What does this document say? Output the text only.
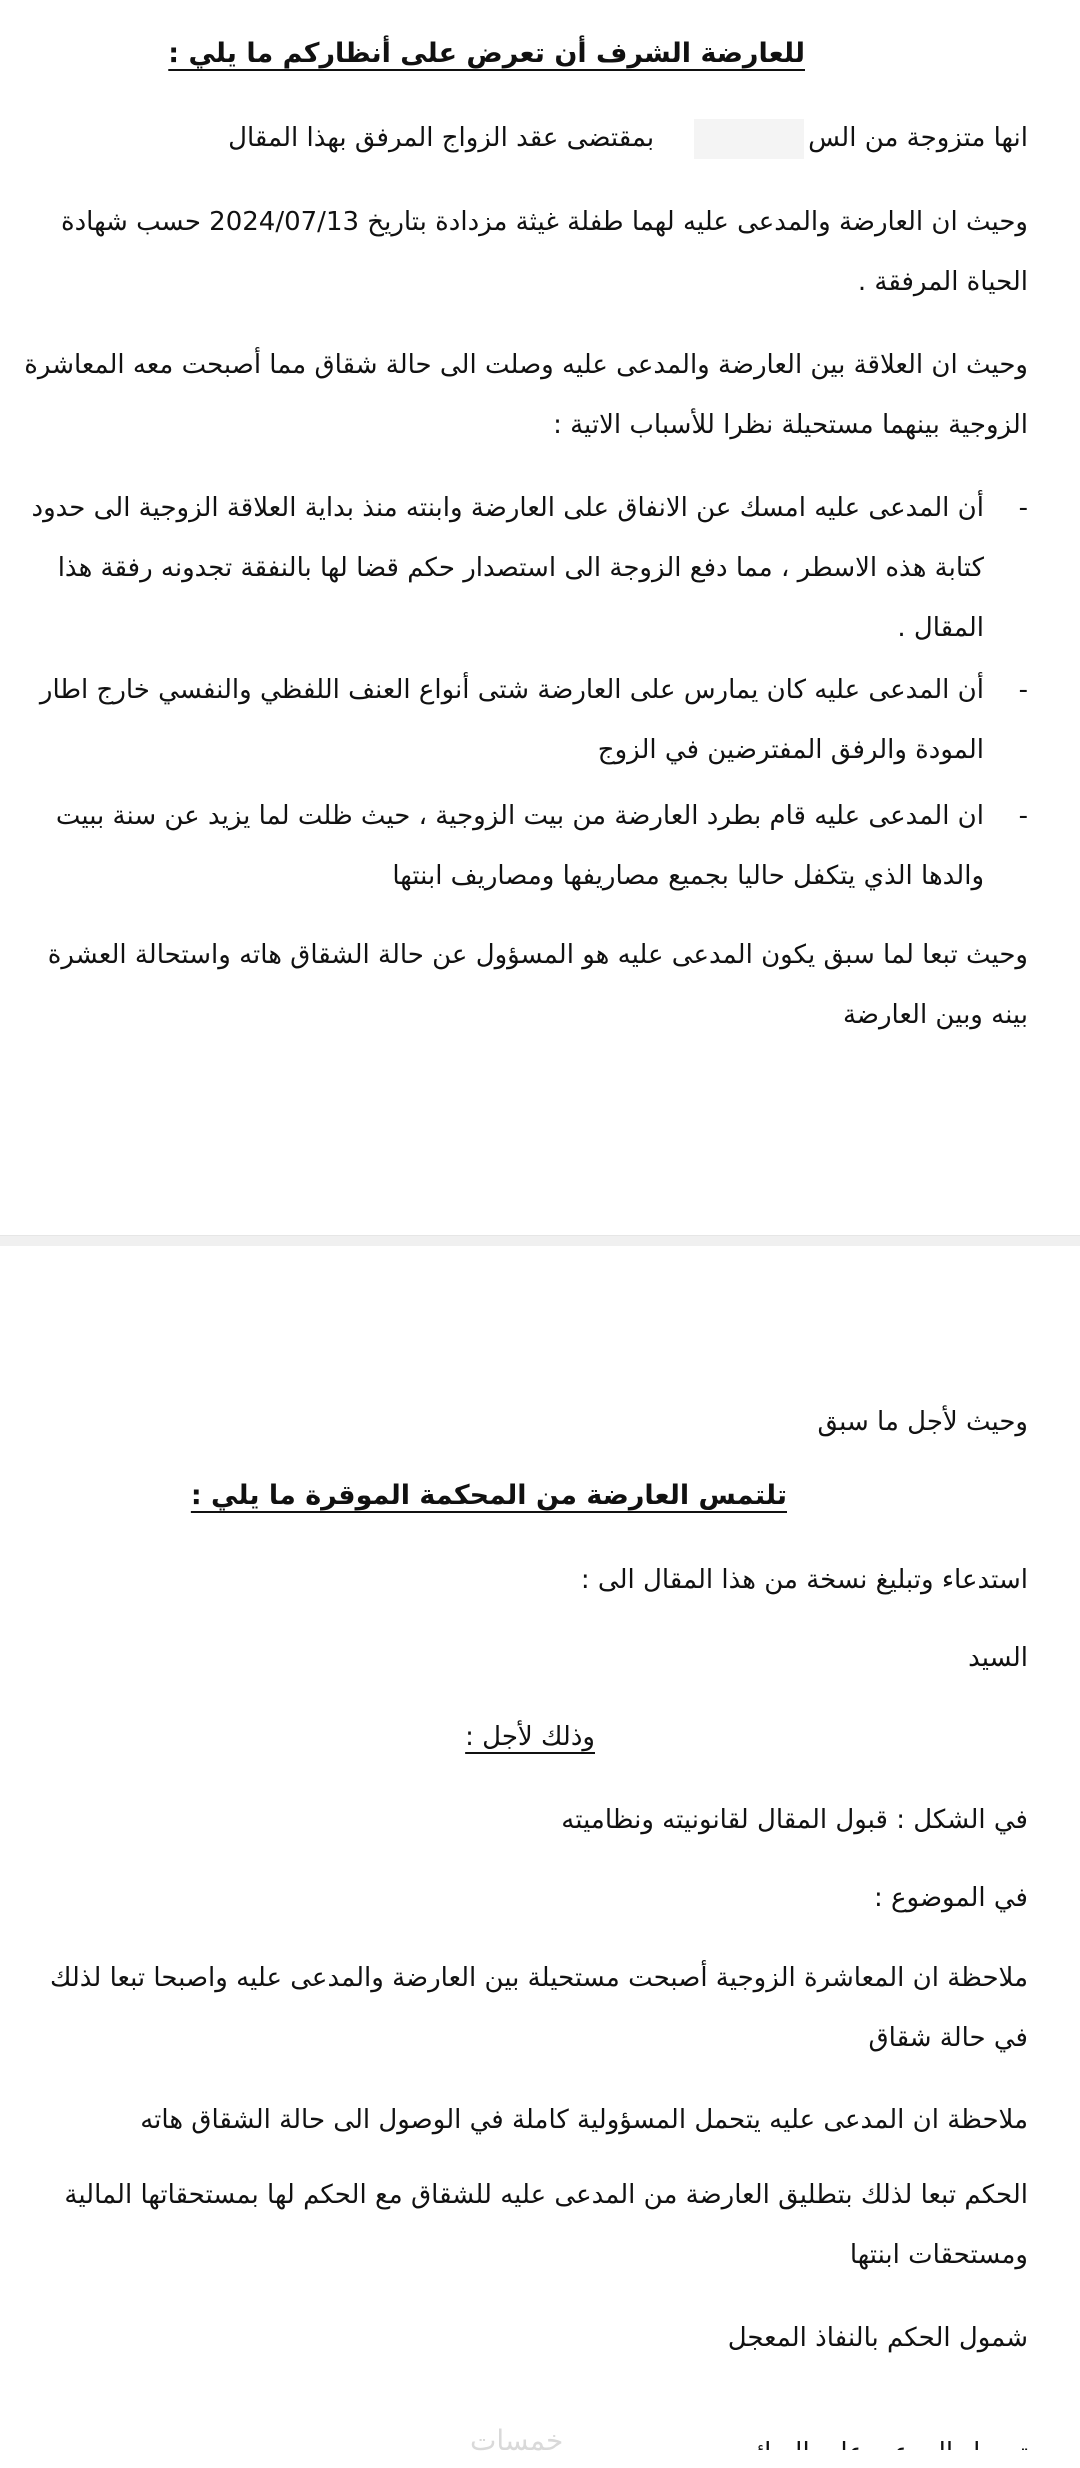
للعارضة الشرف أن تعرض على أنظاركم ما يلي :
انها متزوجة من السبمقتضى عقد الزواج المرفق بهذا المقال
وحيث ان العارضة والمدعى عليه لهما طفلة غيثة مزدادة بتاريخ 2024/07/13 حسب شهادة الحياة المرفقة .
وحيث ان العلاقة بين العارضة والمدعى عليه وصلت الى حالة شقاق مما أصبحت معه المعاشرة الزوجية بينهما مستحيلة نظرا للأسباب الاتية :
-
أن المدعى عليه امسك عن الانفاق على العارضة وابنته منذ بداية العلاقة الزوجية الى حدود كتابة هذه الاسطر ، مما دفع الزوجة الى استصدار حكم قضا لها بالنفقة تجدونه رفقة هذا المقال .
-
أن المدعى عليه كان يمارس على العارضة شتى أنواع العنف اللفظي والنفسي خارج اطار المودة والرفق المفترضين في الزوج
-
ان المدعى عليه قام بطرد العارضة من بيت الزوجية ، حيث ظلت لما يزيد عن سنة ببيت والدها الذي يتكفل حاليا بجميع مصاريفها ومصاريف ابنتها
وحيث تبعا لما سبق يكون المدعى عليه هو المسؤول عن حالة الشقاق هاته واستحالة العشرة بينه وبين العارضة
وحيث لأجل ما سبق
تلتمس العارضة من المحكمة الموقرة ما يلي :
استدعاء وتبليغ نسخة من هذا المقال الى :
السيد
وذلك لأجل :
في الشكل : قبول المقال لقانونيته ونظاميته
في الموضوع :
ملاحظة ان المعاشرة الزوجية أصبحت مستحيلة بين العارضة والمدعى عليه واصبحا تبعا لذلك في حالة شقاق
ملاحظة ان المدعى عليه يتحمل المسؤولية كاملة في الوصول الى حالة الشقاق هاته
الحكم تبعا لذلك بتطليق العارضة من المدعى عليه للشقاق مع الحكم لها بمستحقاتها المالية ومستحقات ابنتها
شمول الحكم بالنفاذ المعجل
خمسات
